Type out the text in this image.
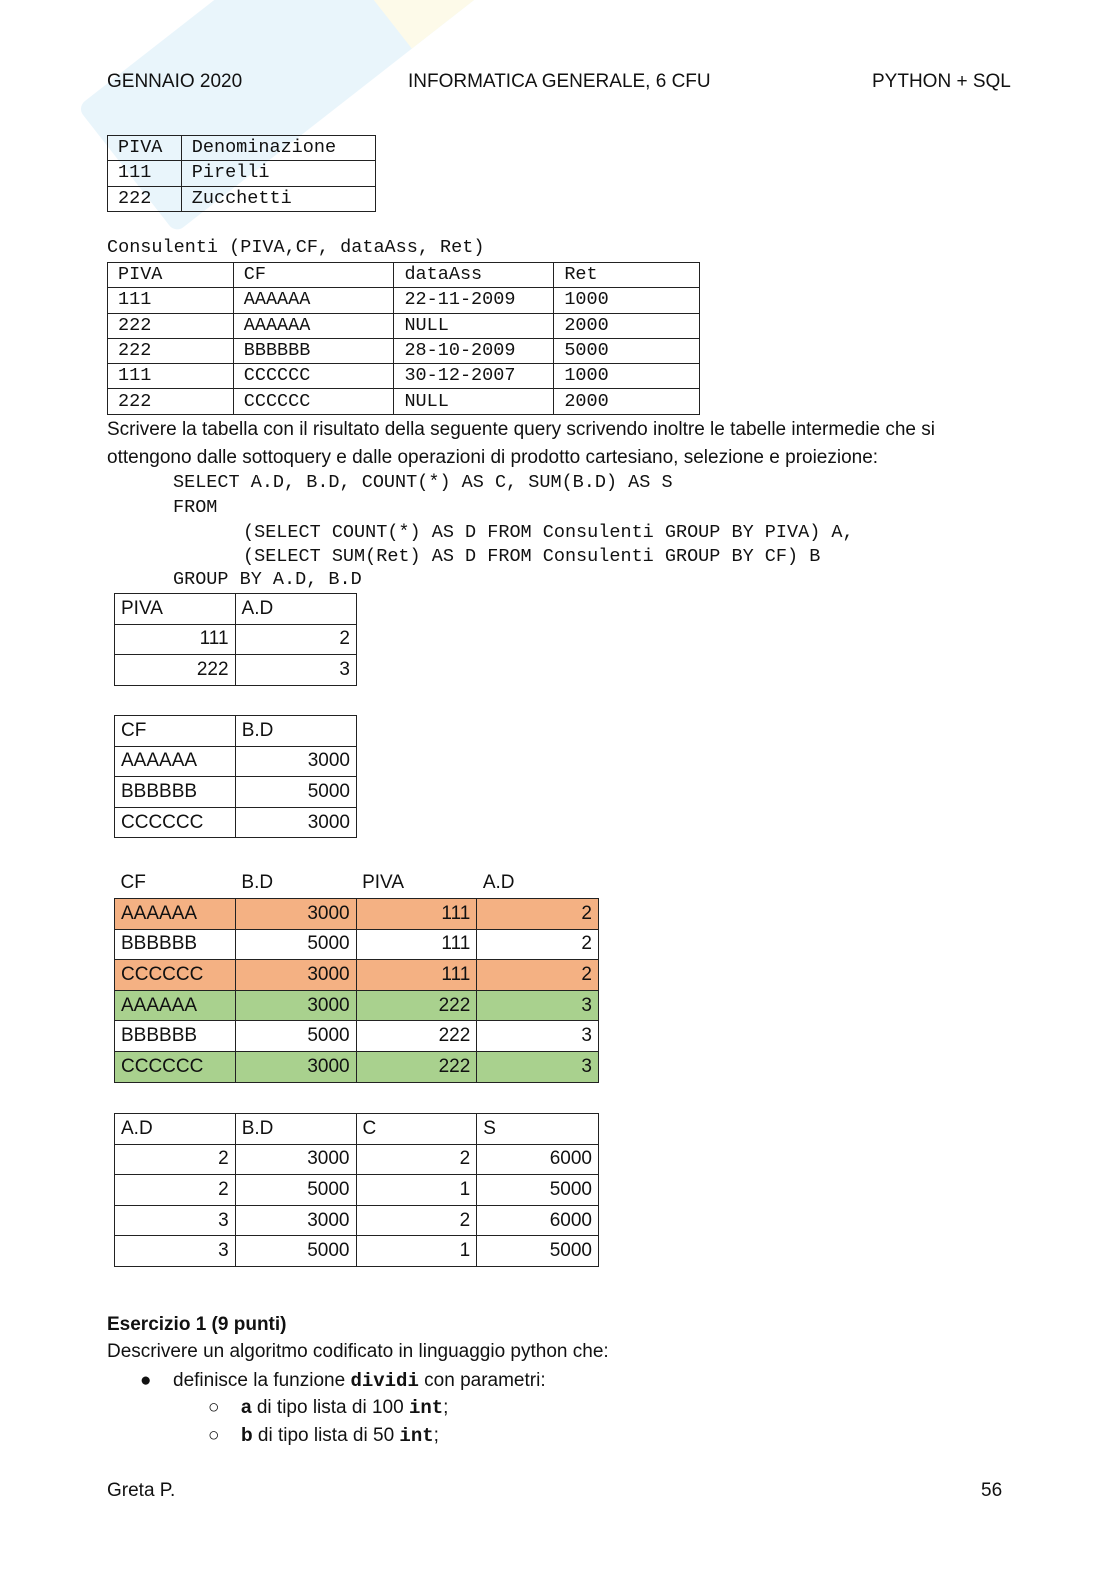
GENNAIO 2020	INFORMATICA GENERALE, 6 CFU	PYTHON + SQL
PIVA	Denominazione
111	Pirelli
222	Zucchetti
Consulenti (PIVA,CF, dataAss, Ret)
PIVA	CF	dataAss	Ret
111	AAAAAA	22-11-2009	1000
222	AAAAAA	NULL	2000
222	BBBBBB	28-10-2009	5000
111	CCCCCC	30-12-2007	1000
222	CCCCCC	NULL	2000
Scrivere la tabella con il risultato della seguente query scrivendo inoltre le tabelle intermedie che si
ottengono dalle sottoquery e dalle operazioni di prodotto cartesiano, selezione e proiezione:
SELECT A.D, B.D, COUNT(*) AS C, SUM(B.D) AS S
FROM
(SELECT COUNT(*) AS D FROM Consulenti GROUP BY PIVA) A,
(SELECT SUM(Ret) AS D FROM Consulenti GROUP BY CF) B
GROUP BY A.D, B.D
PIVA	A.D
111	2
222	3
CF	B.D
AAAAAA	3000
BBBBBB	5000
CCCCCC	3000
CF	B.D	PIVA	A.D
AAAAAA	3000	111	2
BBBBBB	5000	111	2
CCCCCC	3000	111	2
AAAAAA	3000	222	3
BBBBBB	5000	222	3
CCCCCC	3000	222	3
A.D	B.D	C	S
2	3000	2	6000
2	5000	1	5000
3	3000	2	6000
3	5000	1	5000
Esercizio 1 (9 punti)
Descrivere un algoritmo codificato in linguaggio python che:
● definisce la funzione dividi con parametri:
○ a di tipo lista di 100 int;
○ b di tipo lista di 50 int;
Greta P.	56
